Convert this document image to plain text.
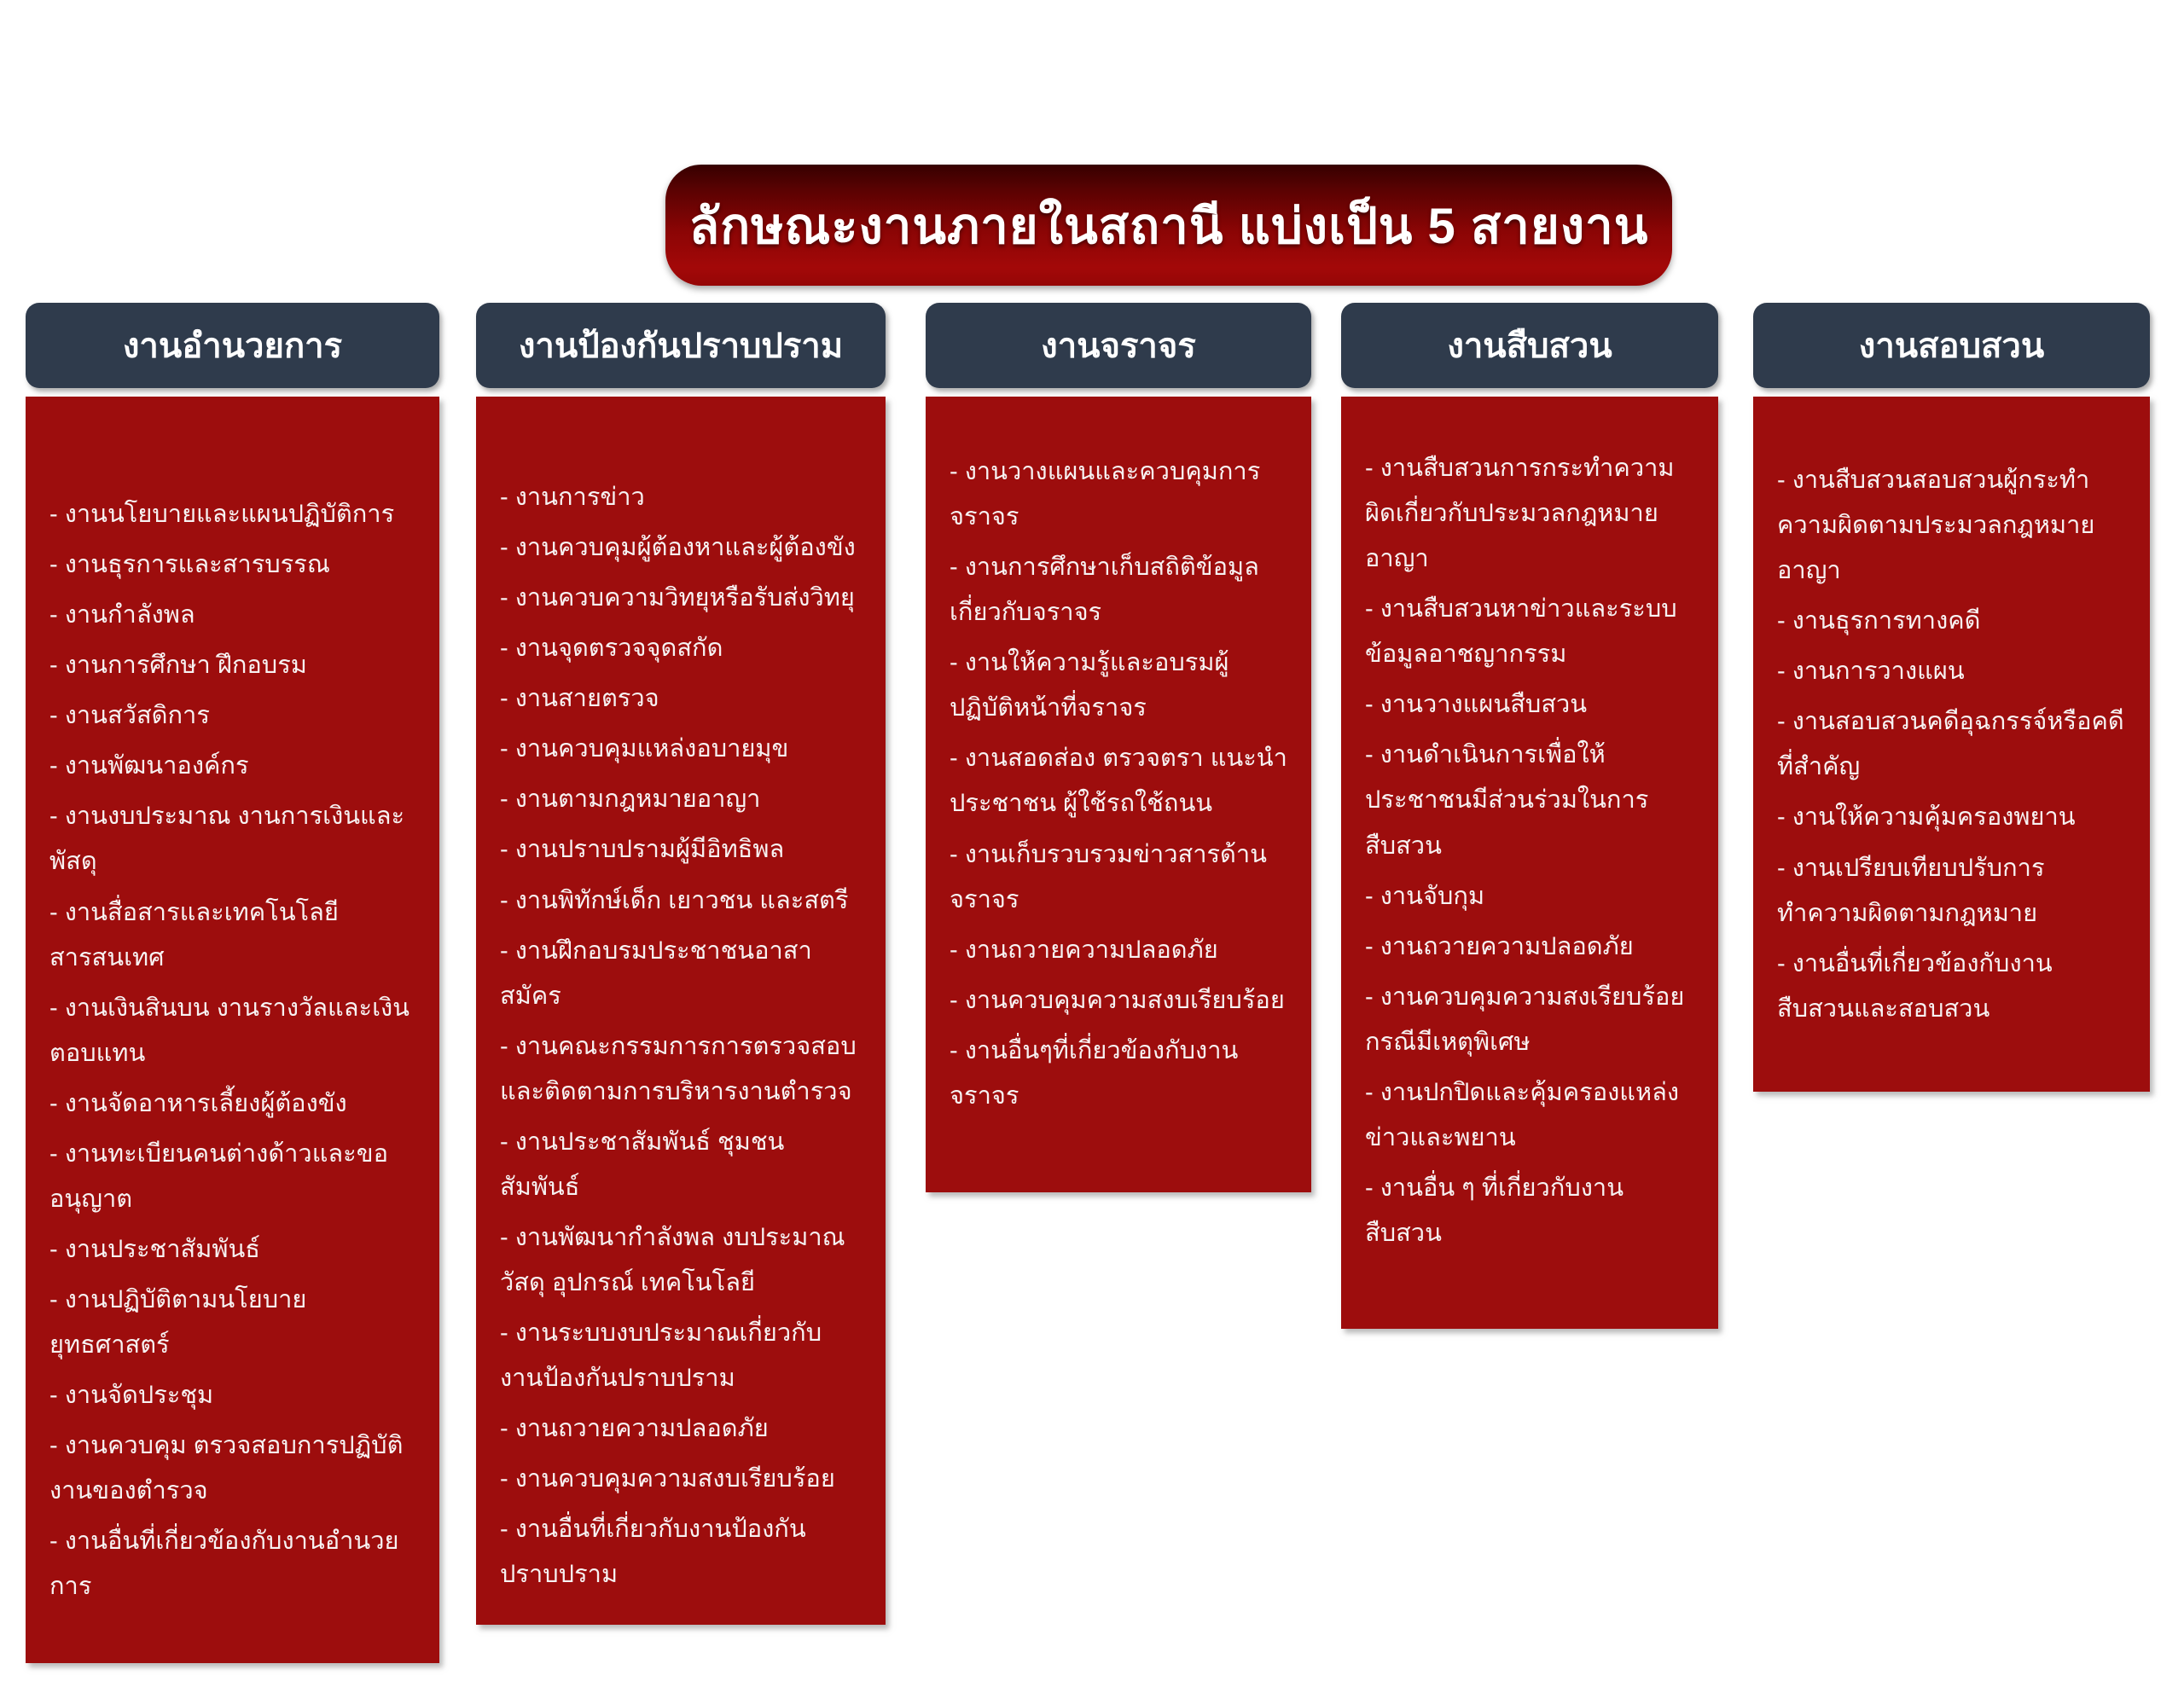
ลักษณะงานภายในสถานี แบ่งเป็น 5 สายงาน
งานอำนวยการ

- งานนโยบายและแผนปฏิบัติการ

- งานธุรการและสารบรรณ

- งานกำลังพล

- งานการศึกษา ฝึกอบรม

- งานสวัสดิการ

- งานพัฒนาองค์กร

- งานงบประมาณ งานการเงินและพัสดุ

- งานสื่อสารและเทคโนโลยีสารสนเทศ

- งานเงินสินบน งานรางวัลและเงินตอบแทน

- งานจัดอาหารเลี้ยงผู้ต้องขัง

- งานทะเบียนคนต่างด้าวและขออนุญาต

- งานประชาสัมพันธ์

- งานปฏิบัติตามนโยบายยุทธศาสตร์

- งานจัดประชุม

- งานควบคุม ตรวจสอบการปฏิบัติงานของตำรวจ

- งานอื่นที่เกี่ยวข้องกับงานอำนวยการ

งานป้องกันปราบปราม

- งานการข่าว

- งานควบคุมผู้ต้องหาและผู้ต้องขัง

- งานควบความวิทยุหรือรับส่งวิทยุ

- งานจุดตรวจจุดสกัด

- งานสายตรวจ

- งานควบคุมแหล่งอบายมุข

- งานตามกฎหมายอาญา

- งานปราบปรามผู้มีอิทธิพล

- งานพิทักษ์เด็ก เยาวชน และสตรี

- งานฝึกอบรมประชาชนอาสาสมัคร

- งานคณะกรรมการการตรวจสอบและติดตามการบริหารงานตำรวจ

- งานประชาสัมพันธ์ ชุมชนสัมพันธ์

- งานพัฒนากำลังพล งบประมาณ วัสดุ อุปกรณ์ เทคโนโลยี

- งานระบบงบประมาณเกี่ยวกับงานป้องกันปราบปราม

- งานถวายความปลอดภัย

- งานควบคุมความสงบเรียบร้อย

- งานอื่นที่เกี่ยวกับงานป้องกันปราบปราม

งานจราจร

- งานวางแผนและควบคุมการจราจร

- งานการศึกษาเก็บสถิติข้อมูลเกี่ยวกับจราจร

- งานให้ความรู้และอบรมผู้ปฏิบัติหน้าที่จราจร

- งานสอดส่อง ตรวจตรา แนะนำประชาชน ผู้ใช้รถใช้ถนน

- งานเก็บรวบรวมข่าวสารด้านจราจร

- งานถวายความปลอดภัย

- งานควบคุมความสงบเรียบร้อย

- งานอื่นๆที่เกี่ยวข้องกับงานจราจร

งานสืบสวน

- งานสืบสวนการกระทำความผิดเกี่ยวกับประมวลกฎหมายอาญา

- งานสืบสวนหาข่าวและระบบข้อมูลอาชญากรรม

- งานวางแผนสืบสวน

- งานดำเนินการเพื่อให้ประชาชนมีส่วนร่วมในการสืบสวน

- งานจับกุม

- งานถวายความปลอดภัย

- งานควบคุมความสงเรียบร้อยกรณีมีเหตุพิเศษ

- งานปกปิดและคุ้มครองแหล่งข่าวและพยาน

- งานอื่น ๆ ที่เกี่ยวกับงานสืบสวน

งานสอบสวน

- งานสืบสวนสอบสวนผู้กระทำความผิดตามประมวลกฎหมายอาญา

- งานธุรการทางคดี

- งานการวางแผน

- งานสอบสวนคดีอุฉกรรจ์หรือคดีที่สำคัญ

- งานให้ความคุ้มครองพยาน

- งานเปรียบเทียบปรับการทำความผิดตามกฎหมาย

- งานอื่นที่เกี่ยวข้องกับงานสืบสวนและสอบสวน
